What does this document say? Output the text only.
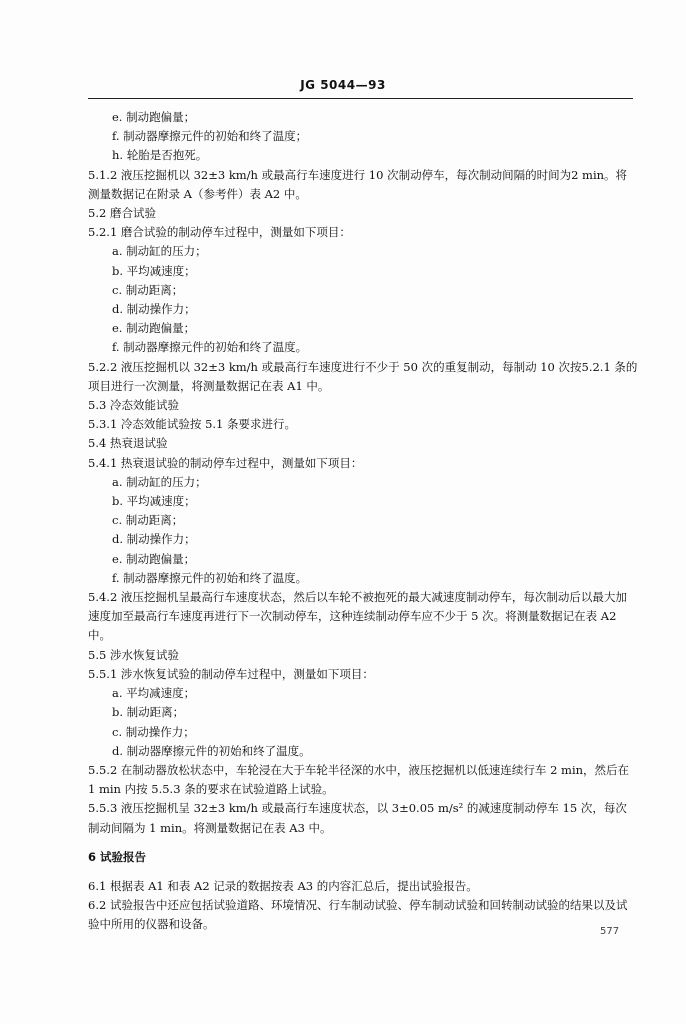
JG 5044—93

e. 制动跑偏量；

f. 制动器摩擦元件的初始和终了温度；

h. 轮胎是否抱死。

5.1.2 液压挖掘机以 32±3 km/h 或最高行车速度进行 10 次制动停车，每次制动间隔的时间为2 min。将测量数据记在附录 A（参考件）表 A2 中。

5.2 磨合试验

5.2.1 磨合试验的制动停车过程中，测量如下项目：

a. 制动缸的压力；

b. 平均减速度；

c. 制动距离；

d. 制动操作力；

e. 制动跑偏量；

f. 制动器摩擦元件的初始和终了温度。

5.2.2 液压挖掘机以 32±3 km/h 或最高行车速度进行不少于 50 次的重复制动，每制动 10 次按5.2.1 条的项目进行一次测量，将测量数据记在表 A1 中。

5.3 冷态效能试验

5.3.1 冷态效能试验按 5.1 条要求进行。

5.4 热衰退试验

5.4.1 热衰退试验的制动停车过程中，测量如下项目：

a. 制动缸的压力；

b. 平均减速度；

c. 制动距离；

d. 制动操作力；

e. 制动跑偏量；

f. 制动器摩擦元件的初始和终了温度。

5.4.2 液压挖掘机呈最高行车速度状态，然后以车轮不被抱死的最大减速度制动停车，每次制动后以最大加速度加至最高行车速度再进行下一次制动停车，这种连续制动停车应不少于 5 次。将测量数据记在表 A2 中。

5.5 涉水恢复试验

5.5.1 涉水恢复试验的制动停车过程中，测量如下项目：

a. 平均减速度；

b. 制动距离；

c. 制动操作力；

d. 制动器摩擦元件的初始和终了温度。

5.5.2 在制动器放松状态中，车轮浸在大于车轮半径深的水中，液压挖掘机以低速连续行车 2 min，然后在 1 min 内按 5.5.3 条的要求在试验道路上试验。

5.5.3 液压挖掘机呈 32±3 km/h 或最高行车速度状态，以 3±0.05 m/s² 的减速度制动停车 15 次，每次制动间隔为 1 min。将测量数据记在表 A3 中。

6 试验报告

6.1 根据表 A1 和表 A2 记录的数据按表 A3 的内容汇总后，提出试验报告。

6.2 试验报告中还应包括试验道路、环境情况、行车制动试验、停车制动试验和回转制动试验的结果以及试验中所用的仪器和设备。

577
